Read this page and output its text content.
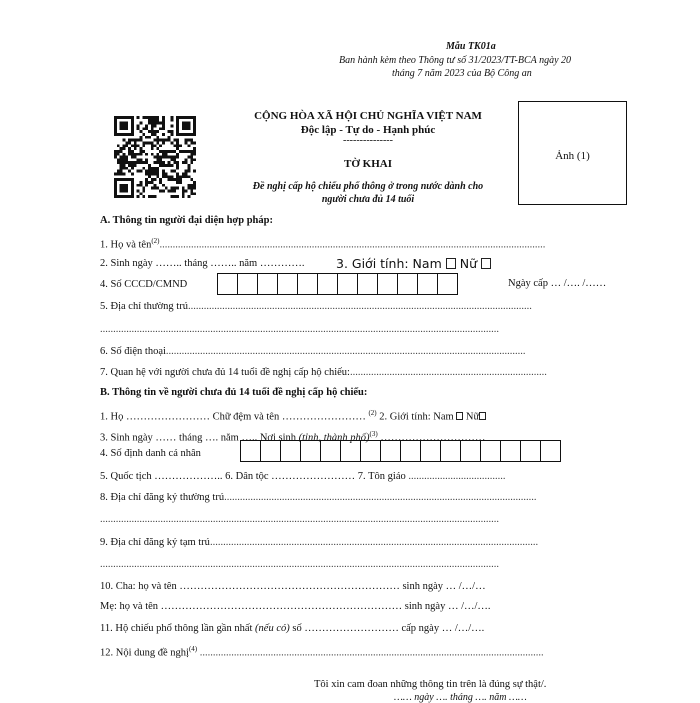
Mẫu TK01a
Ban hành kèm theo Thông tư số 31/2023/TT-BCA ngày 20
tháng 7 năm 2023 của Bộ Công an
CỘNG HÒA XÃ HỘI CHỦ NGHĨA VIỆT NAM
Độc lập - Tự do - Hạnh phúc
---------------
TỜ KHAI
Đề nghị cấp hộ chiếu phổ thông ở trong nước dành cho
người chưa đủ 14 tuổi
Ảnh (1)
A. Thông tin người đại diện hợp pháp:
1. Họ và tên$^{(2)}$...................................................................................................................................................
2. Sinh ngày …….. tháng …….. năm ………….	3. Giới tính: Nam Nữ
4. Số CCCD/CMND	Ngày cấp … /…. /……
5. Địa chỉ thường trú...................................................................................................................................
........................................................................................................................................................
6. Số điện thoại.........................................................................................................................................
7. Quan hệ với người chưa đủ 14 tuổi đề nghị cấp hộ chiếu:...........................................................................
B. Thông tin về người chưa đủ 14 tuổi đề nghị cấp hộ chiếu:
1. Họ …………………… Chữ đệm và tên …………………… $^{(2)}$ 2. Giới tính: Nam Nữ
3. Sinh ngày …… tháng …. năm ….. Nơi sinh (tỉnh, thành phố)$^{(3)}$ …………………………
4. Số định danh cá nhân
5. Quốc tịch ……………….. 6. Dân tộc …………………… 7. Tôn giáo .....................................
8. Địa chỉ đăng ký thường trú.......................................................................................................................
........................................................................................................................................................
9. Địa chỉ đăng ký tạm trú.............................................................................................................................
........................................................................................................................................................
10. Cha: họ và tên ……………………………………………………… sinh ngày … /…/…
Mẹ: họ và tên …………………………………………………………… sinh ngày … /…/….
11. Hộ chiếu phổ thông lần gần nhất (nếu có) số ……………………… cấp ngày … /…/….
12. Nội dung đề nghị$^{(4)}$ ...................................................................................................................................
Tôi xin cam đoan những thông tin trên là đúng sự thật/.
…… ngày …. tháng …. năm ……
